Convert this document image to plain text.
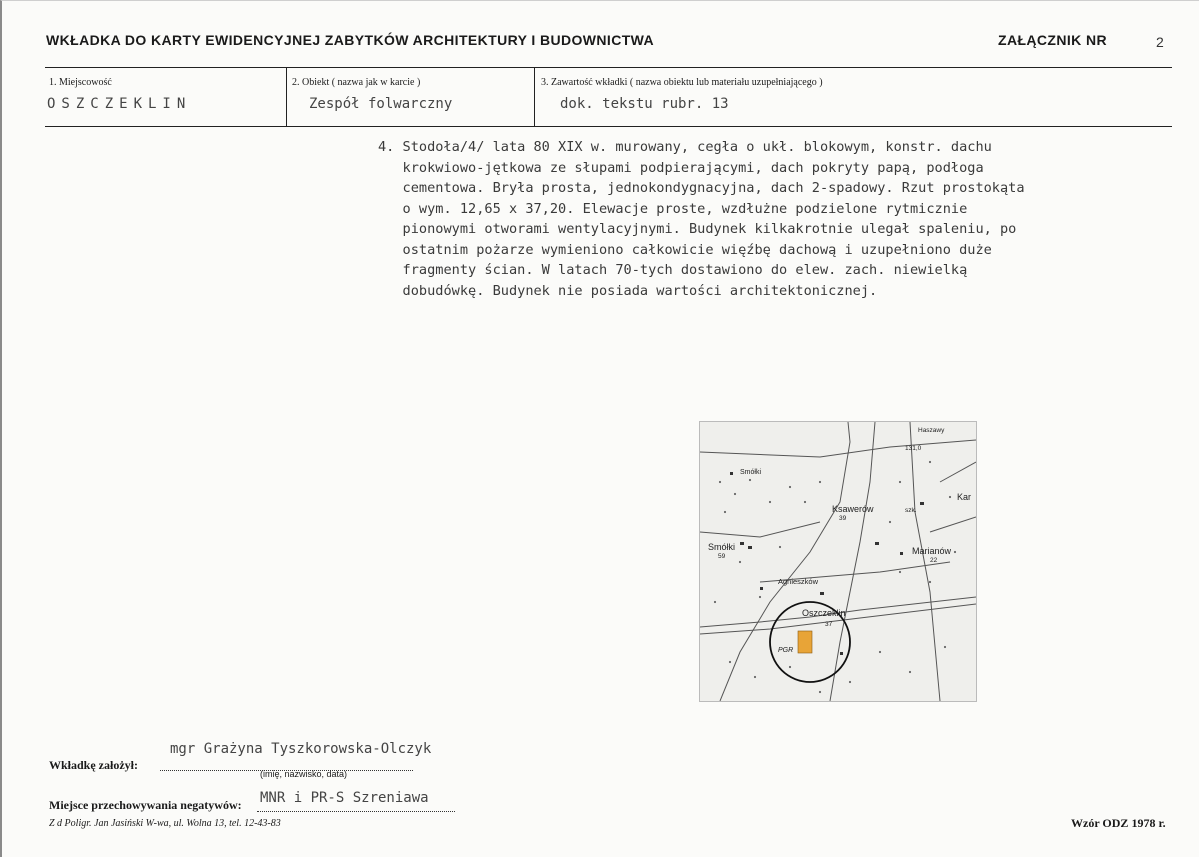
WKŁADKA DO KARTY EWIDENCYJNEJ ZABYTKÓW ARCHITEKTURY I BUDOWNICTWA	ZAŁĄCZNIK NR	2
1. Miejscowość	2. Obiekt ( nazwa jak w karcie )	3. Zawartość wkładki ( nazwa obiektu lub materiału uzupełniającego )
OSZCZEKLIN	Zespół folwarczny	dok. tekstu rubr. 13
4. Stodoła/4/ lata 80 XIX w. murowany, cegła o ukł. blokowym, konstr. dachu
krokwiowo-jętkowa ze słupami podpierającymi, dach pokryty papą, podłoga
cementowa. Bryła prosta, jednokondygnacyjna, dach 2-spadowy. Rzut prostokąta
o wym. 12,65 x 37,20. Elewacje proste, wzdłużne podzielone rytmicznie
pionowymi otworami wentylacyjnymi. Budynek kilkakrotnie ulegał spaleniu, po
ostatnim pożarze wymieniono całkowicie więźbę dachową i uzupełniono duże
fragmenty ścian. W latach 70-tych dostawiono do elew. zach. niewielką
dobudówkę. Budynek nie posiada wartości architektonicznej.
Haszawy
131,0
Smółki
Kar
Ksawerów
39
szk.
Smółki
59
Marianów
22
Agnieszków
Oszczeklin
37
PGR
mgr Grażyna Tyszkorowska-Olczyk
Wkładkę założył:
(imię, nazwisko, data)
Miejsce przechowywania negatywów: MNR i PR-S Szreniawa
Z d Poligr. Jan Jasiński W-wa, ul. Wolna 13, tel. 12-43-83	Wzór ODZ 1978 r.
